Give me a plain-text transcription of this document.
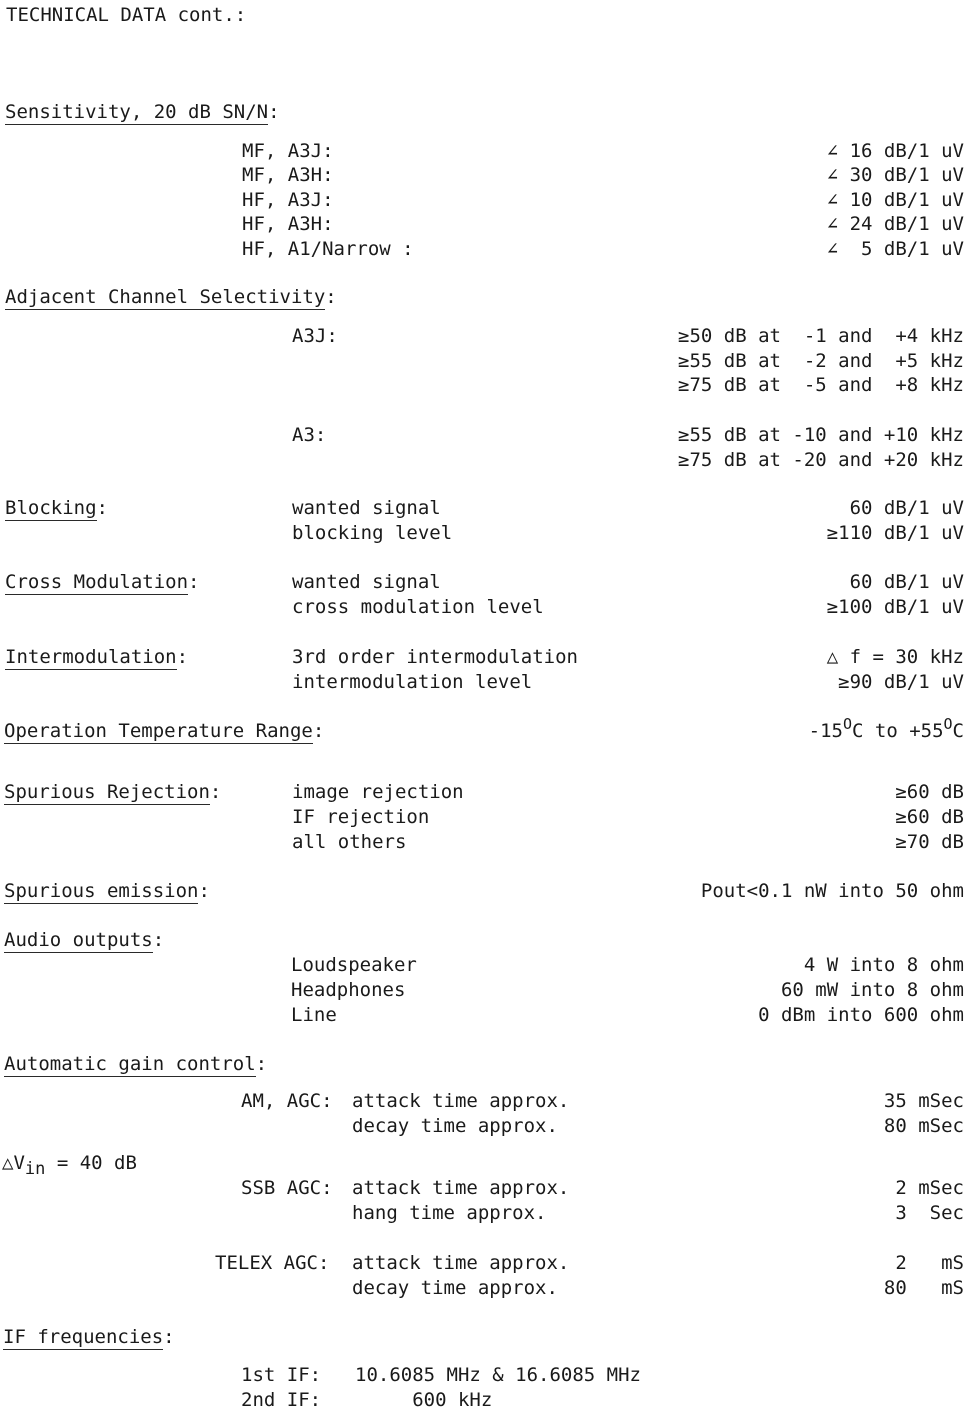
TECHNICAL DATA cont.:
Sensitivity, 20 dB SN/N:
MF, A3J:	∠ 16 dB/1 uV
MF, A3H:	∠ 30 dB/1 uV
HF, A3J:	∠ 10 dB/1 uV
HF, A3H:	∠ 24 dB/1 uV
HF, A1/Narrow :	∠  5 dB/1 uV
Adjacent Channel Selectivity:
A3J:	≥50 dB at  -1 and  +4 kHz
≥55 dB at  -2 and  +5 kHz
≥75 dB at  -5 and  +8 kHz
A3:	≥55 dB at -10 and +10 kHz
≥75 dB at -20 and +20 kHz
Blocking:	wanted signal	60 dB/1 uV
blocking level	≥110 dB/1 uV
Cross Modulation:	wanted signal	60 dB/1 uV
cross modulation level	≥100 dB/1 uV
Intermodulation:	3rd order intermodulation	△ f = 30 kHz
intermodulation level	≥90 dB/1 uV
Operation Temperature Range:	$-15^OC$ to $+55^OC$
Spurious Rejection:	image rejection	≥60 dB
IF rejection	≥60 dB
all others	≥70 dB
Spurious emission:	Pout<0.1 nW into 50 ohm
Audio outputs:
Loudspeaker	4 W into 8 ohm
Headphones	60 mW into 8 ohm
Line	0 dBm into 600 ohm
Automatic gain control:
AM, AGC: attack time approx.	35 mSec
decay time approx.	80 mSec
△Vin = 40 dB
SSB AGC: attack time approx.	2 mSec
hang time approx.	3  Sec
TELEX AGC: attack time approx.	2   mS
decay time approx.	80   mS
IF frequencies:
1st IF: 10.6085 MHz & 16.6085 MHz
2nd IF: 600 kHz
